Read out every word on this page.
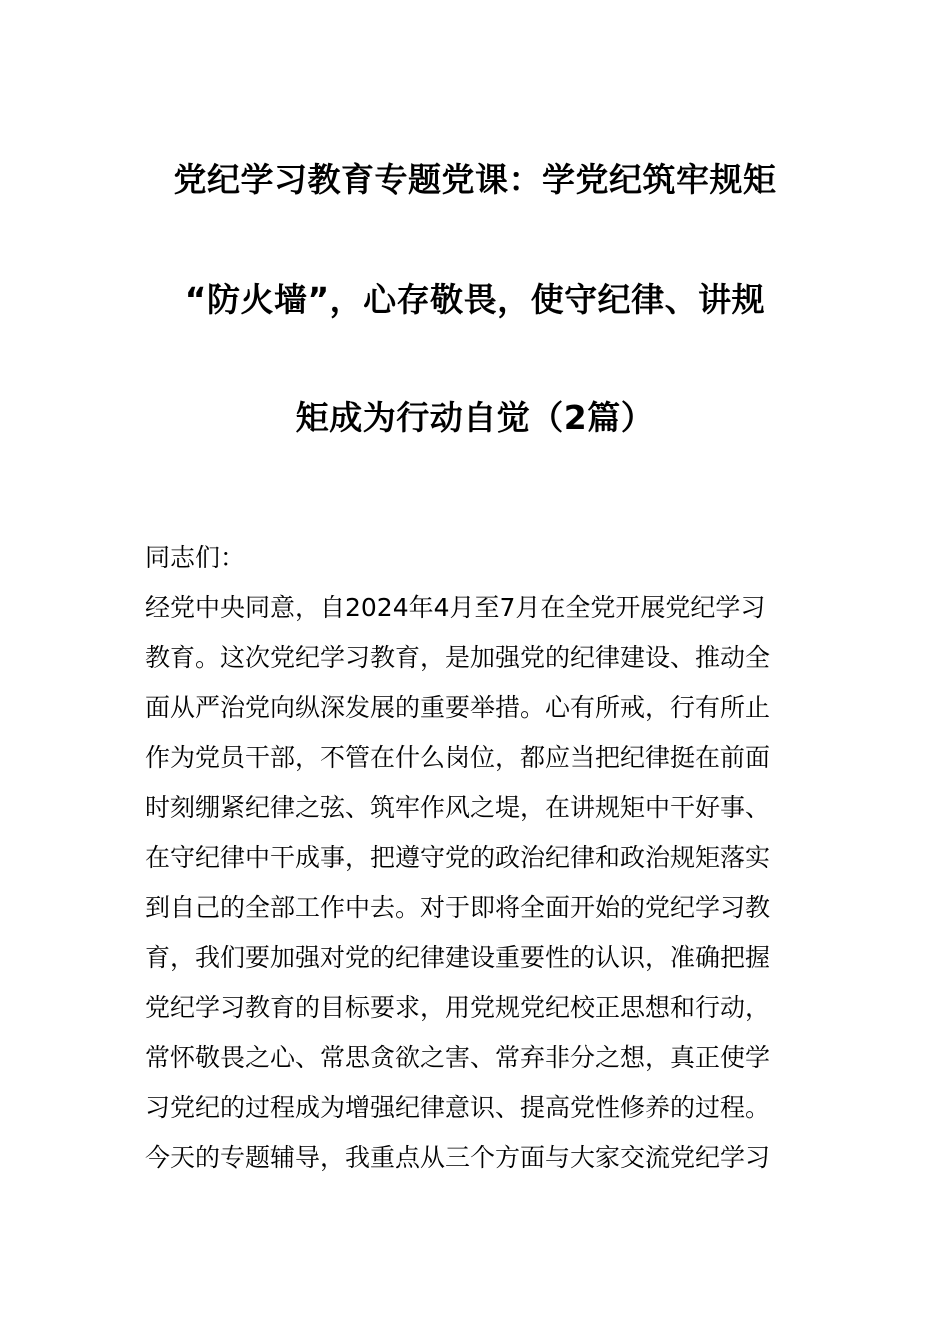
党纪学习教育专题党课：学党纪筑牢规矩
“防火墙”，心存敬畏，使守纪律、讲规
矩成为行动自觉（2篇）
同志们：
经党中央同意，自2024年4月至7月在全党开展党纪学习
教育。这次党纪学习教育，是加强党的纪律建设、推动全
面从严治党向纵深发展的重要举措。心有所戒，行有所止
作为党员干部，不管在什么岗位，都应当把纪律挺在前面
时刻绷紧纪律之弦、筑牢作风之堤，在讲规矩中干好事、
在守纪律中干成事，把遵守党的政治纪律和政治规矩落实
到自己的全部工作中去。对于即将全面开始的党纪学习教
育，我们要加强对党的纪律建设重要性的认识，准确把握
党纪学习教育的目标要求，用党规党纪校正思想和行动，
常怀敬畏之心、常思贪欲之害、常弃非分之想，真正使学
习党纪的过程成为增强纪律意识、提高党性修养的过程。
今天的专题辅导，我重点从三个方面与大家交流党纪学习
